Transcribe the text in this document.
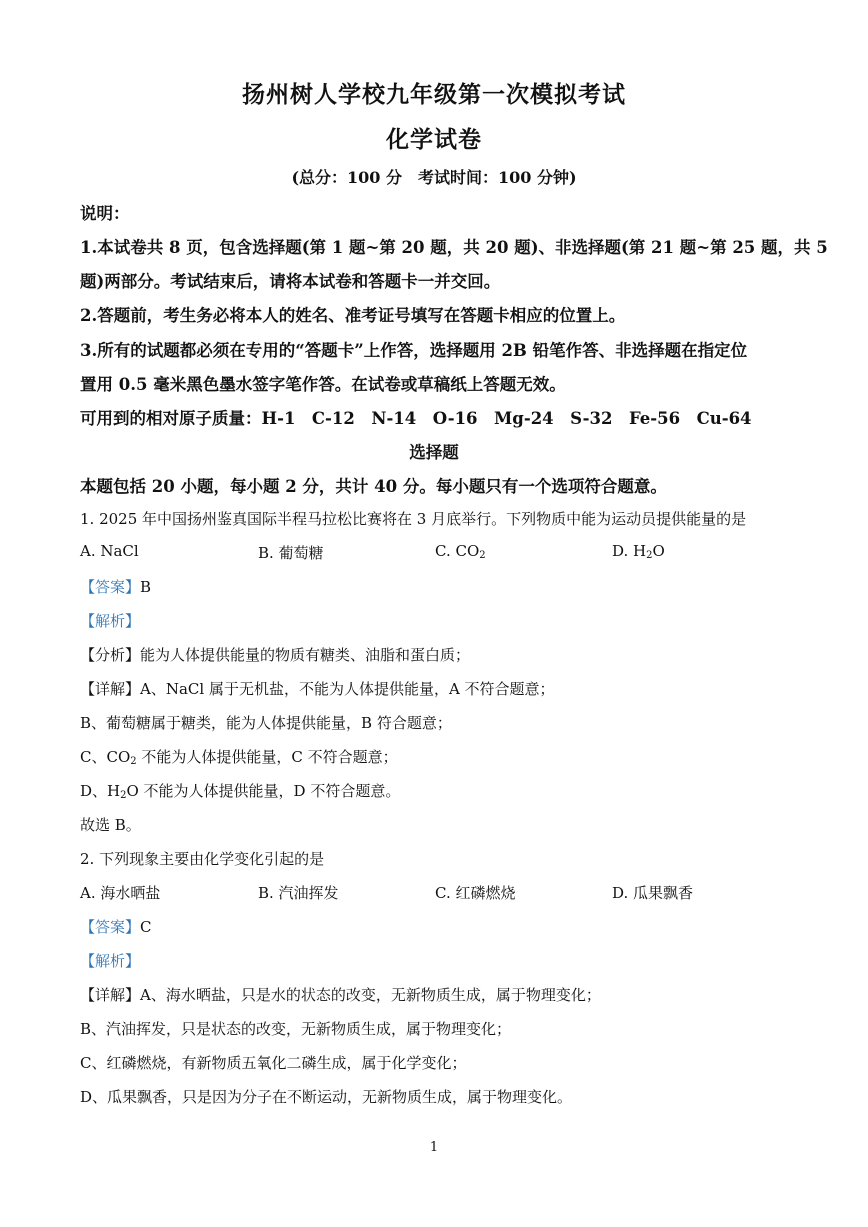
扬州树人学校九年级第一次模拟考试
化学试卷
(总分：100 分　考试时间：100 分钟)
说明：
1.本试卷共 8 页，包含选择题(第 1 题~第 20 题，共 20 题)、非选择题(第 21 题~第 25 题，共 5
题)两部分。考试结束后，请将本试卷和答题卡一并交回。
2.答题前，考生务必将本人的姓名、准考证号填写在答题卡相应的位置上。
3.所有的试题都必须在专用的“答题卡”上作答，选择题用 2B 铅笔作答、非选择题在指定位
置用 0.5 毫米黑色墨水签字笔作答。在试卷或草稿纸上答题无效。
可用到的相对原子质量：H-1　C-12　N-14　O-16　Mg-24　S-32　Fe-56　Cu-64
选择题
本题包括 20 小题，每小题 2 分，共计 40 分。每小题只有一个选项符合题意。
1. 2025 年中国扬州鉴真国际半程马拉松比赛将在 3 月底举行。下列物质中能为运动员提供能量的是
A. NaCl	B. 葡萄糖	C. $CO_2$	D. $H_2O$
【答案】B
【解析】
【分析】能为人体提供能量的物质有糖类、油脂和蛋白质；
【详解】A、NaCl 属于无机盐，不能为人体提供能量，A 不符合题意；
B、葡萄糖属于糖类，能为人体提供能量，B 符合题意；
C、$CO_2$ 不能为人体提供能量，C 不符合题意；
D、$H_2O$ 不能为人体提供能量，D 不符合题意。
故选 B。
2. 下列现象主要由化学变化引起的是
A. 海水晒盐	B. 汽油挥发	C. 红磷燃烧	D. 瓜果飘香
【答案】C
【解析】
【详解】A、海水晒盐，只是水的状态的改变，无新物质生成，属于物理变化；
B、汽油挥发，只是状态的改变，无新物质生成，属于物理变化；
C、红磷燃烧，有新物质五氧化二磷生成，属于化学变化；
D、瓜果飘香，只是因为分子在不断运动，无新物质生成，属于物理变化。
1
